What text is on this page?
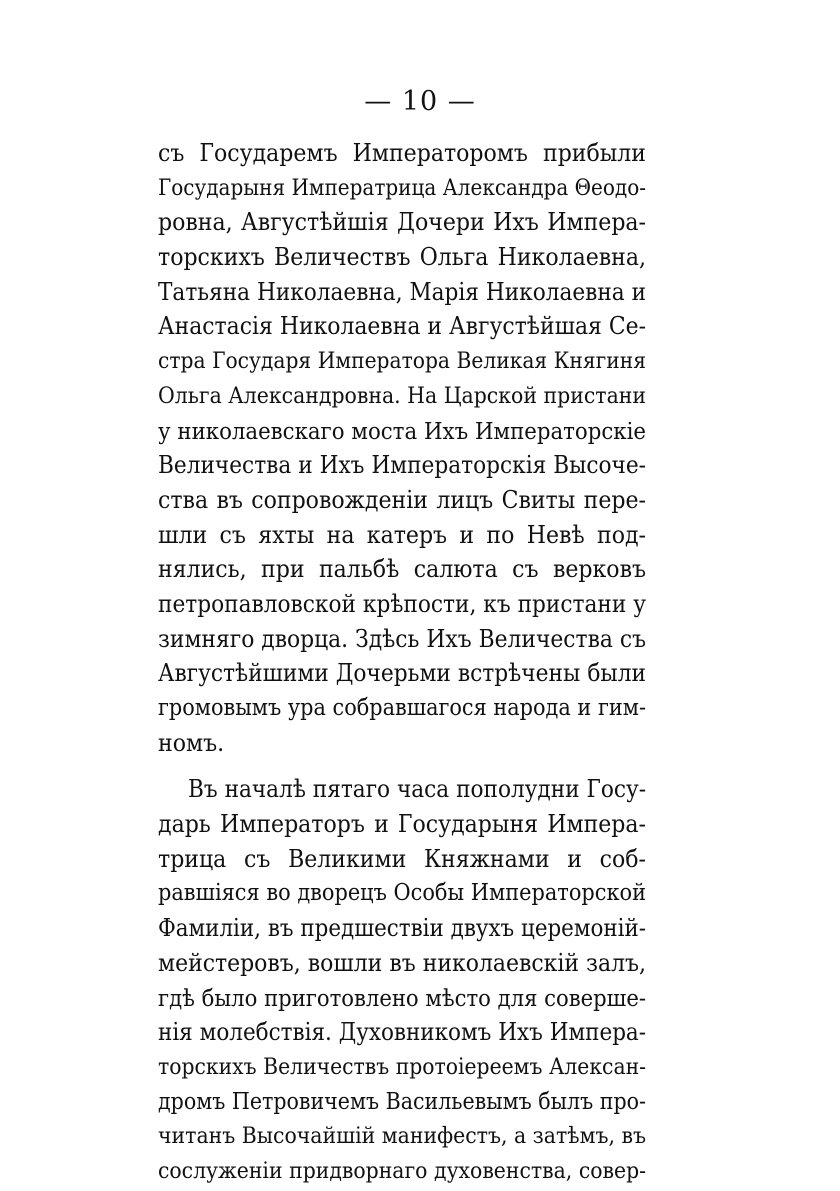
— 10 —
съ Государемъ Императоромъ прибыли
Государыня Императрица Александра Θеодо-
ровна, Августѣйшія Дочери Ихъ Импера-
торскихъ Величествъ Ольга Николаевна,
Татьяна Николаевна, Марія Николаевна и
Анастасія Николаевна и Августѣйшая Се-
стра Государя Императора Великая Княгиня
Ольга Александровна. На Царской пристани
у николаевскаго моста Ихъ Императорскіе
Величества и Ихъ Императорскія Высоче-
ства въ сопровожденіи лицъ Свиты пере-
шли съ яхты на катеръ и по Невѣ под-
нялись, при пальбѣ салюта съ верковъ
петропавловской крѣпости, къ пристани у
зимняго дворца. Здѣсь Ихъ Величества съ
Августѣйшими Дочерьми встрѣчены были
громовымъ ура собравшагося народа и гим-
номъ.
Въ началѣ пятаго часа пополудни Госу-
дарь Императоръ и Государыня Импера-
трица съ Великими Княжнами и соб-
равшіяся во дворецъ Особы Императорской
Фамиліи, въ предшествіи двухъ церемоній-
мейстеровъ, вошли въ николаевскій залъ,
гдѣ было приготовлено мѣсто для соверше-
нія молебствія. Духовникомъ Ихъ Импера-
торскихъ Величествъ протоіереемъ Алексан-
дромъ Петровичемъ Васильевымъ былъ про-
читанъ Высочайшій манифестъ, а затѣмъ, въ
сослуженіи придворнаго духовенства, совер-
